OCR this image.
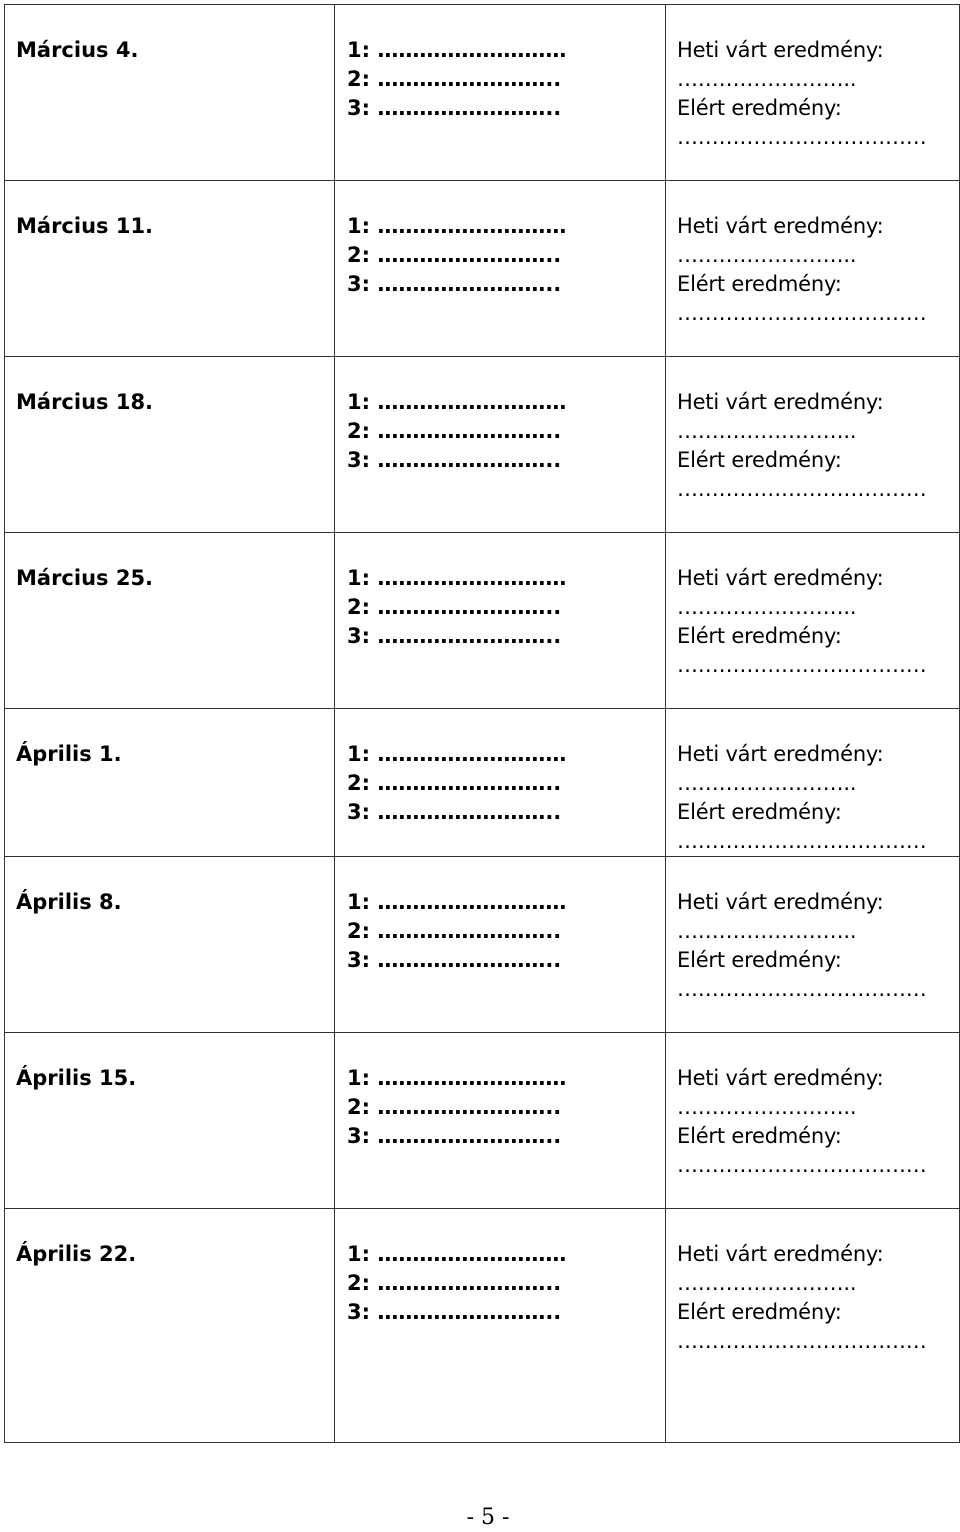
Március 4.	1: ………………………
2: ……………………..
3: ……………………..	Heti várt eredmény:
……………………..
Elért eredmény:
………………………………

Március 11.	1: ………………………
2: ……………………..
3: ……………………..	Heti várt eredmény:
……………………..
Elért eredmény:
………………………………

Március 18.	1: ………………………
2: ……………………..
3: ……………………..	Heti várt eredmény:
……………………..
Elért eredmény:
………………………………

Március 25.	1: ………………………
2: ……………………..
3: ……………………..	Heti várt eredmény:
……………………..
Elért eredmény:
………………………………

Április 1.	1: ………………………
2: ……………………..
3: ……………………..	Heti várt eredmény:
……………………..
Elért eredmény:
………………………………

Április 8.	1: ………………………
2: ……………………..
3: ……………………..	Heti várt eredmény:
……………………..
Elért eredmény:
………………………………

Április 15.	1: ………………………
2: ……………………..
3: ……………………..	Heti várt eredmény:
……………………..
Elért eredmény:
………………………………

Április 22.	1: ………………………
2: ……………………..
3: ……………………..	Heti várt eredmény:
……………………..
Elért eredmény:
………………………………
- 5 -
